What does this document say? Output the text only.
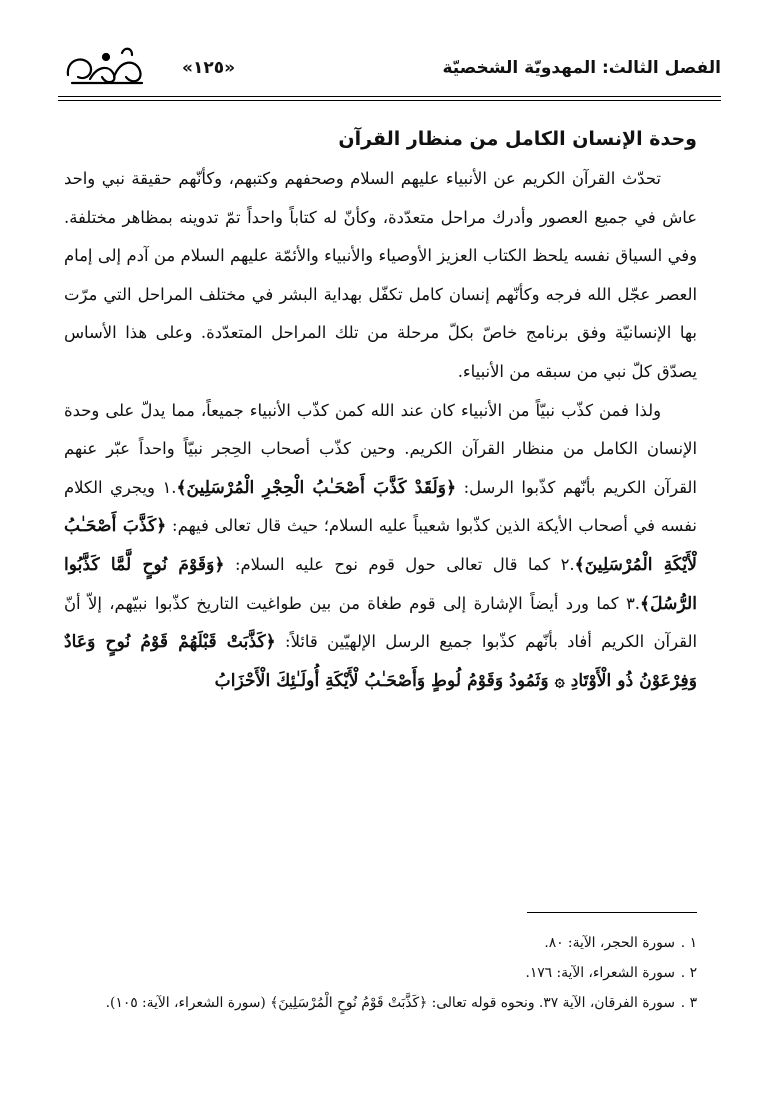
الفصل الثالث: المهدويّة الشخصيّة
«١٢٥»
وحدة الإنسان الكامل من منظار القرآن

تحدّث القرآن الكريم عن الأنبياء عليهم السلام وصحفهم وكتبهم، وكأنّهم حقيقة نبي واحد عاش في جميع العصور وأدرك مراحل متعدّدة، وكأنّ له كتاباً واحداً تمّ تدوينه بمظاهر مختلفة. وفي السياق نفسه يلحظ الكتاب العزيز الأوصياء والأنبياء والأئمّة عليهم السلام من آدم إلى إمام العصر عجّل الله فرجه وكأنّهم إنسان كامل تكفّل بهداية البشر في مختلف المراحل التي مرّت بها الإنسانيّة وفق برنامج خاصّ بكلّ مرحلة من تلك المراحل المتعدّدة. وعلى هذا الأساس يصدّق كلّ نبي من سبقه من الأنبياء.

ولذا فمن كذّب نبيّاً من الأنبياء كان عند الله كمن كذّب الأنبياء جميعاً، مما يدلّ على وحدة الإنسان الكامل من منظار القرآن الكريم. وحين كذّب أصحاب الحِجر نبيّاً واحداً عبّر عنهم القرآن الكريم بأنّهم كذّبوا الرسل: ﴿وَلَقَدْ كَذَّبَ أَصْحَـٰبُ الْحِجْرِ الْمُرْسَلِينَ﴾.١ ويجري الكلام نفسه في أصحاب الأيكة الذين كذّبوا شعيباً عليه السلام؛ حيث قال تعالى فيهم: ﴿كَذَّبَ أَصْحَـٰبُ لْأَيْكَةِ الْمُرْسَلِينَ﴾.٢ كما قال تعالى حول قوم نوح عليه السلام: ﴿وَقَوْمَ نُوحٍ لَّمَّا كَذَّبُوا الرُّسُلَ﴾.٣ كما ورد أيضاً الإشارة إلى قوم طغاة من بين طواغيت التاريخ كذّبوا نبيّهم، إلاّ أنّ القرآن الكريم أفاد بأنّهم كذّبوا جميع الرسل الإلهيّين قائلاً: ﴿كَذَّبَتْ قَبْلَهُمْ قَوْمُ نُوحٍ وَعَادٌ وَفِرْعَوْنُ ذُو الْأَوْتَادِ ۞ وَثَمُودُ وَقَوْمُ لُوطٍ وَأَصْحَـٰبُ لْأَيْكَةِ أُولَـٰئِكَ الْأَحْزَابُ

١ .سورة الحجر، الآية: ٨٠.
٢ .سورة الشعراء، الآية: ١٧٦.
٣ .سورة الفرقان، الآية ٣٧. ونحوه قوله تعالى: ﴿كَذَّبَتْ قَوْمُ نُوحٍ الْمُرْسَلِينَ﴾ (سورة الشعراء، الآية: ١٠٥).
